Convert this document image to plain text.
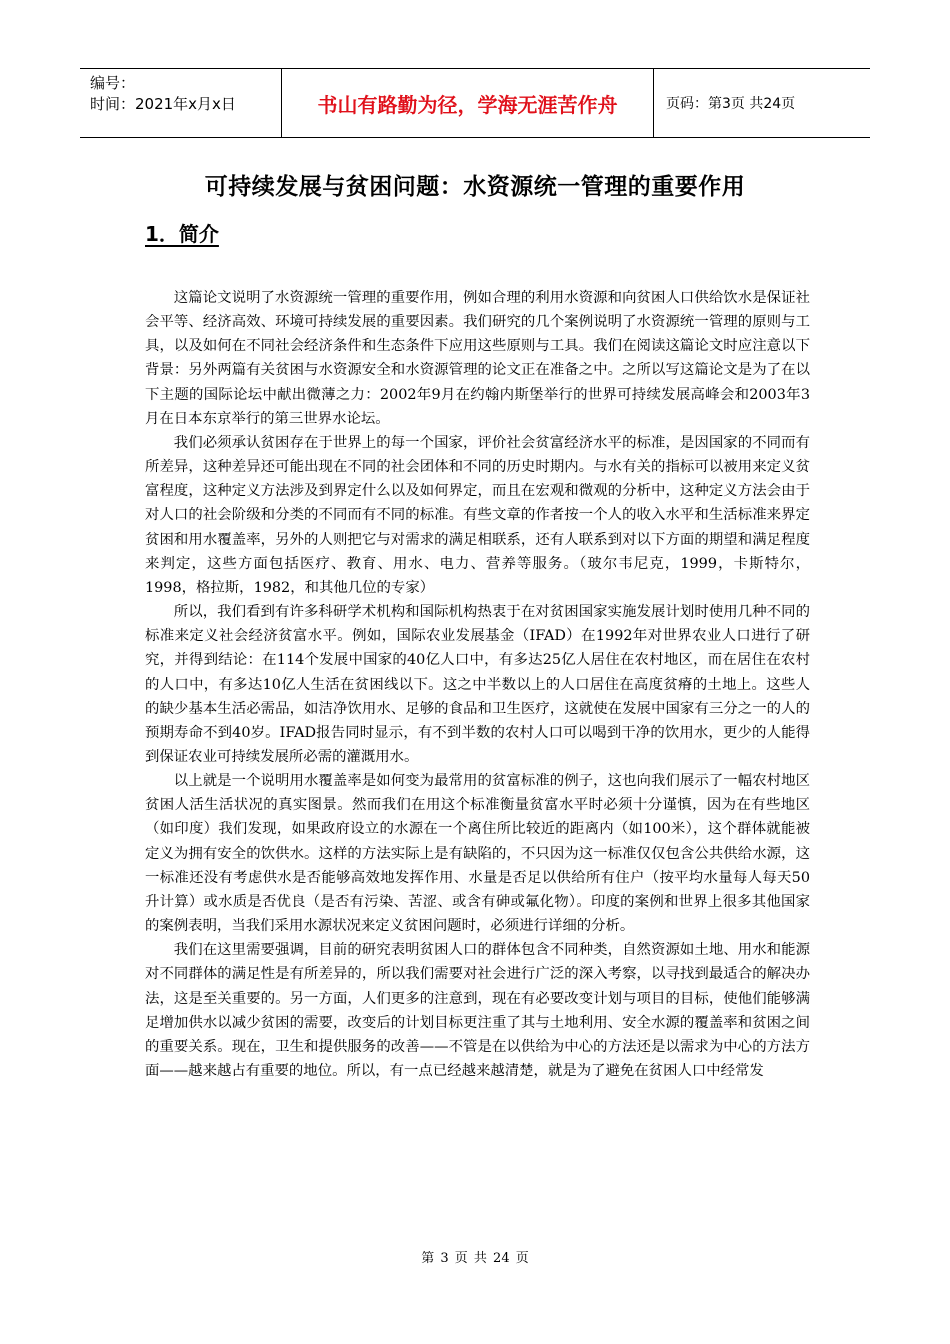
编号：
时间：2021年x月x日	书山有路勤为径，学海无涯苦作舟	页码：第3页 共24页
可持续发展与贫困问题：水资源统一管理的重要作用
1．简介

这篇论文说明了水资源统一管理的重要作用，例如合理的利用水资源和向贫困人口供给饮水是保证社会平等、经济高效、环境可持续发展的重要因素。我们研究的几个案例说明了水资源统一管理的原则与工具，以及如何在不同社会经济条件和生态条件下应用这些原则与工具。我们在阅读这篇论文时应注意以下背景：另外两篇有关贫困与水资源安全和水资源管理的论文正在准备之中。之所以写这篇论文是为了在以下主题的国际论坛中献出微薄之力：2002年9月在约翰内斯堡举行的世界可持续发展高峰会和2003年3月在日本东京举行的第三世界水论坛。

我们必须承认贫困存在于世界上的每一个国家，评价社会贫富经济水平的标准，是因国家的不同而有所差异，这种差异还可能出现在不同的社会团体和不同的历史时期内。与水有关的指标可以被用来定义贫富程度，这种定义方法涉及到界定什么以及如何界定，而且在宏观和微观的分析中，这种定义方法会由于对人口的社会阶级和分类的不同而有不同的标准。有些文章的作者按一个人的收入水平和生活标准来界定贫困和用水覆盖率，另外的人则把它与对需求的满足相联系，还有人联系到对以下方面的期望和满足程度来判定，这些方面包括医疗、教育、用水、电力、营养等服务。（玻尔韦尼克，1999，卡斯特尔，1998，格拉斯，1982，和其他几位的专家）

所以，我们看到有许多科研学术机构和国际机构热衷于在对贫困国家实施发展计划时使用几种不同的标准来定义社会经济贫富水平。例如，国际农业发展基金（IFAD）在1992年对世界农业人口进行了研究，并得到结论：在114个发展中国家的40亿人口中，有多达25亿人居住在农村地区，而在居住在农村的人口中，有多达10亿人生活在贫困线以下。这之中半数以上的人口居住在高度贫瘠的土地上。这些人的缺少基本生活必需品，如洁净饮用水、足够的食品和卫生医疗，这就使在发展中国家有三分之一的人的预期寿命不到40岁。IFAD报告同时显示，有不到半数的农村人口可以喝到干净的饮用水，更少的人能得到保证农业可持续发展所必需的灌溉用水。

以上就是一个说明用水覆盖率是如何变为最常用的贫富标准的例子，这也向我们展示了一幅农村地区贫困人活生活状况的真实图景。然而我们在用这个标准衡量贫富水平时必须十分谨慎，因为在有些地区（如印度）我们发现，如果政府设立的水源在一个离住所比较近的距离内（如100米），这个群体就能被定义为拥有安全的饮供水。这样的方法实际上是有缺陷的，不只因为这一标准仅仅包含公共供给水源，这一标准还没有考虑供水是否能够高效地发挥作用、水量是否足以供给所有住户（按平均水量每人每天50升计算）或水质是否优良（是否有污染、苦涩、或含有砷或氟化物）。印度的案例和世界上很多其他国家的案例表明，当我们采用水源状况来定义贫困问题时，必须进行详细的分析。

我们在这里需要强调，目前的研究表明贫困人口的群体包含不同种类，自然资源如土地、用水和能源对不同群体的满足性是有所差异的，所以我们需要对社会进行广泛的深入考察，以寻找到最适合的解决办法，这是至关重要的。另一方面，人们更多的注意到，现在有必要改变计划与项目的目标，使他们能够满足增加供水以减少贫困的需要，改变后的计划目标更注重了其与土地利用、安全水源的覆盖率和贫困之间的重要关系。现在，卫生和提供服务的改善——不管是在以供给为中心的方法还是以需求为中心的方法方面——越来越占有重要的地位。所以，有一点已经越来越清楚，就是为了避免在贫困人口中经常发

第 3 页 共 24 页
